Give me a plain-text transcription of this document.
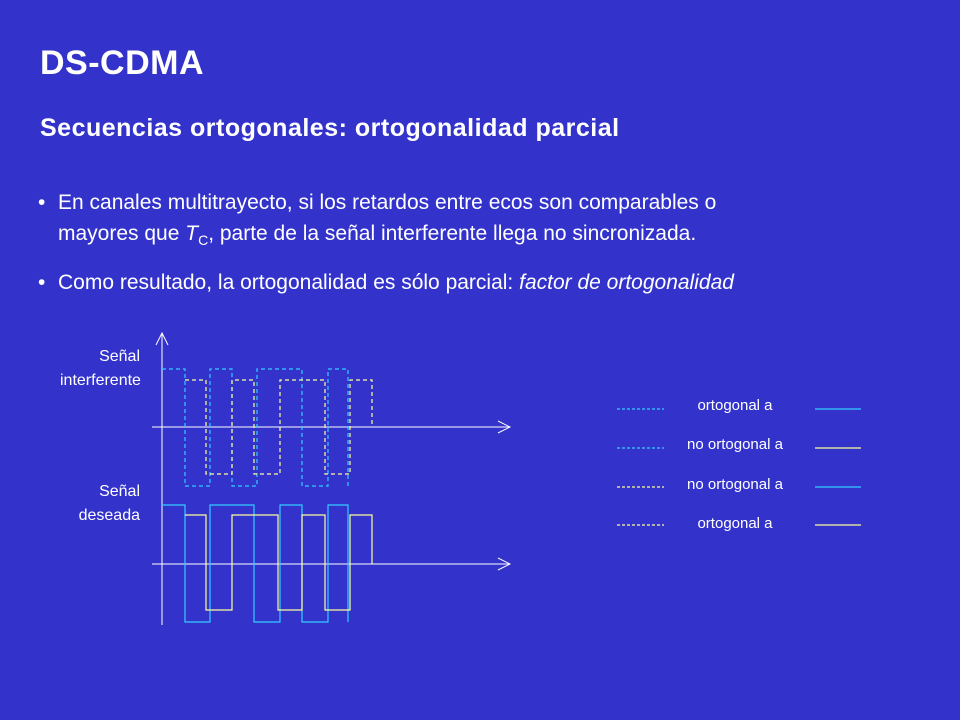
DS-CDMA
Secuencias ortogonales: ortogonalidad parcial
• En canales multitrayecto, si los retardos entre ecos son comparables o
mayores que $T_C$, parte de la señal interferente llega no sincronizada.
• Como resultado, la ortogonalidad es sólo parcial: factor de ortogonalidad
Señal
interferente
Señal
deseada
ortogonal a
no ortogonal a
no ortogonal a
ortogonal a
